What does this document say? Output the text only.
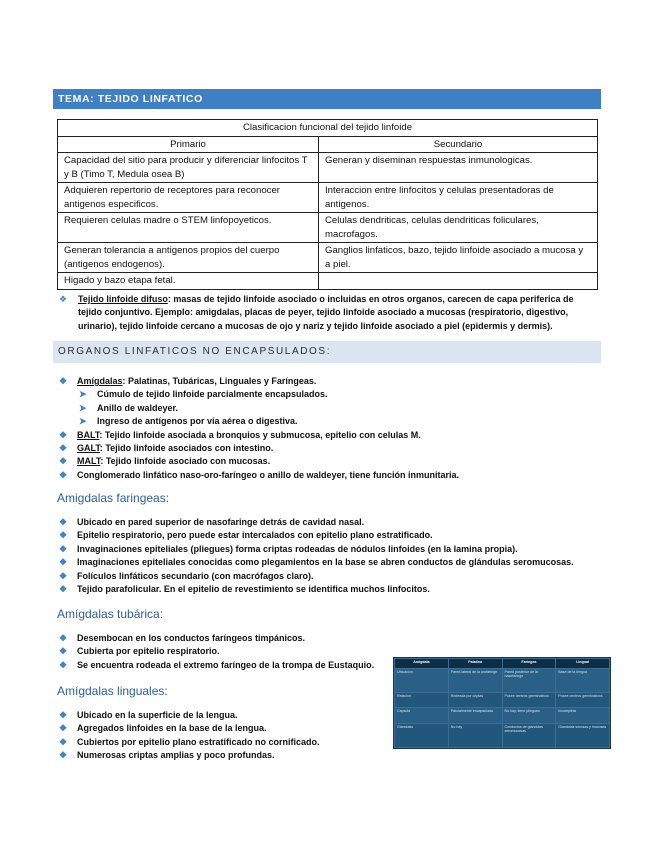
TEMA: TEJIDO LINFATICO
Clasificacion funcional del tejido linfoide	
Primario	Secundario
Capacidad del sitio para producir y diferenciar linfocitos T y B (Timo T, Medula osea B)	Generan y diseminan respuestas inmunologicas.
Adquieren repertorio de receptores para reconocer antigenos especificos.	Interaccion entre linfocitos y celulas presentadoras de antigenos.
Requieren celulas madre o STEM linfopoyeticos.	Celulas dendriticas, celulas dendriticas foliculares, macrofagos.
Generan tolerancia a antigenos propios del cuerpo (antigenos endogenos).	Ganglios linfaticos, bazo, tejido linfoide asociado a mucosa y a piel.
Higado y bazo etapa fetal.	
❖	Tejido linfoide difuso: masas de tejido linfoide asociado o incluidas en otros organos, carecen de capa periferica de tejido conjuntivo. Ejemplo: amigdalas, placas de peyer, tejido linfoide asociado a mucosas (respiratorio, digestivo, urinario), tejido linfoide cercano a mucosas de ojo y nariz y tejido linfoide asociado a piel (epidermis y dermis).
ORGANOS LINFATICOS NO ENCAPSULADOS:
❖ Amígdalas: Palatinas, Tubáricas, Linguales y Faríngeas.
➤ Cúmulo de tejido linfoide parcialmente encapsulados.
➤ Anillo de waldeyer.
➤ Ingreso de antígenos por vía aérea o digestiva.
❖ BALT: Tejido linfoide asociada a bronquios y submucosa, epitelio con celulas M.
❖ GALT: Tejido linfoide asociados con intestino.
❖ MALT: Tejido linfoide asociado con mucosas.
❖ Conglomerado linfático naso-oro-faríngeo o anillo de waldeyer, tiene función inmunitaria.
Amigdalas faringeas:
❖ Ubicado en pared superior de nasofaringe detrás de cavidad nasal.
❖ Epitelio respiratorio, pero puede estar intercalados con epitelio plano estratificado.
❖ Invaginaciones epiteliales (pliegues) forma criptas rodeadas de nódulos linfoides (en la lamina propia).
❖ Imaginaciones epiteliales conocidas como plegamientos en la base se abren conductos de glándulas seromucosas.
❖ Folículos linfáticos secundario (con macrófagos claro).
❖ Tejido parafolicular. En el epitelio de revestimiento se identifica muchos linfocitos.
Amígdalas tubárica:
❖ Desembocan en los conductos faríngeos timpánicos.
❖ Cubierta por epitelio respiratorio.
❖ Se encuentra rodeada el extremo faríngeo de la trompa de Eustaquio.
Amígdalas linguales:
❖ Ubicado en la superficie de la lengua.
❖ Agregados linfoides en la base de la lengua.
❖ Cubiertos por epitelio plano estratificado no cornificado.
❖ Numerosas criptas amplias y poco profundas.
Amigdala	Palatina	Faringea	Lingual
Ubicacion	Pared lateral de la orofaringe	Pared posterior de la nasofaringe	Base de la lengua
Relacion	Rodeada por criptas	Posee centros germinativos	Posee centros germinativos
Capsula	Parcialmente encapsulada	No hay, tiene pliegues	Incompleta
Glandulas	No hay	Conductos de glandulas seromucosas	Glandulas serosas y mucosas
